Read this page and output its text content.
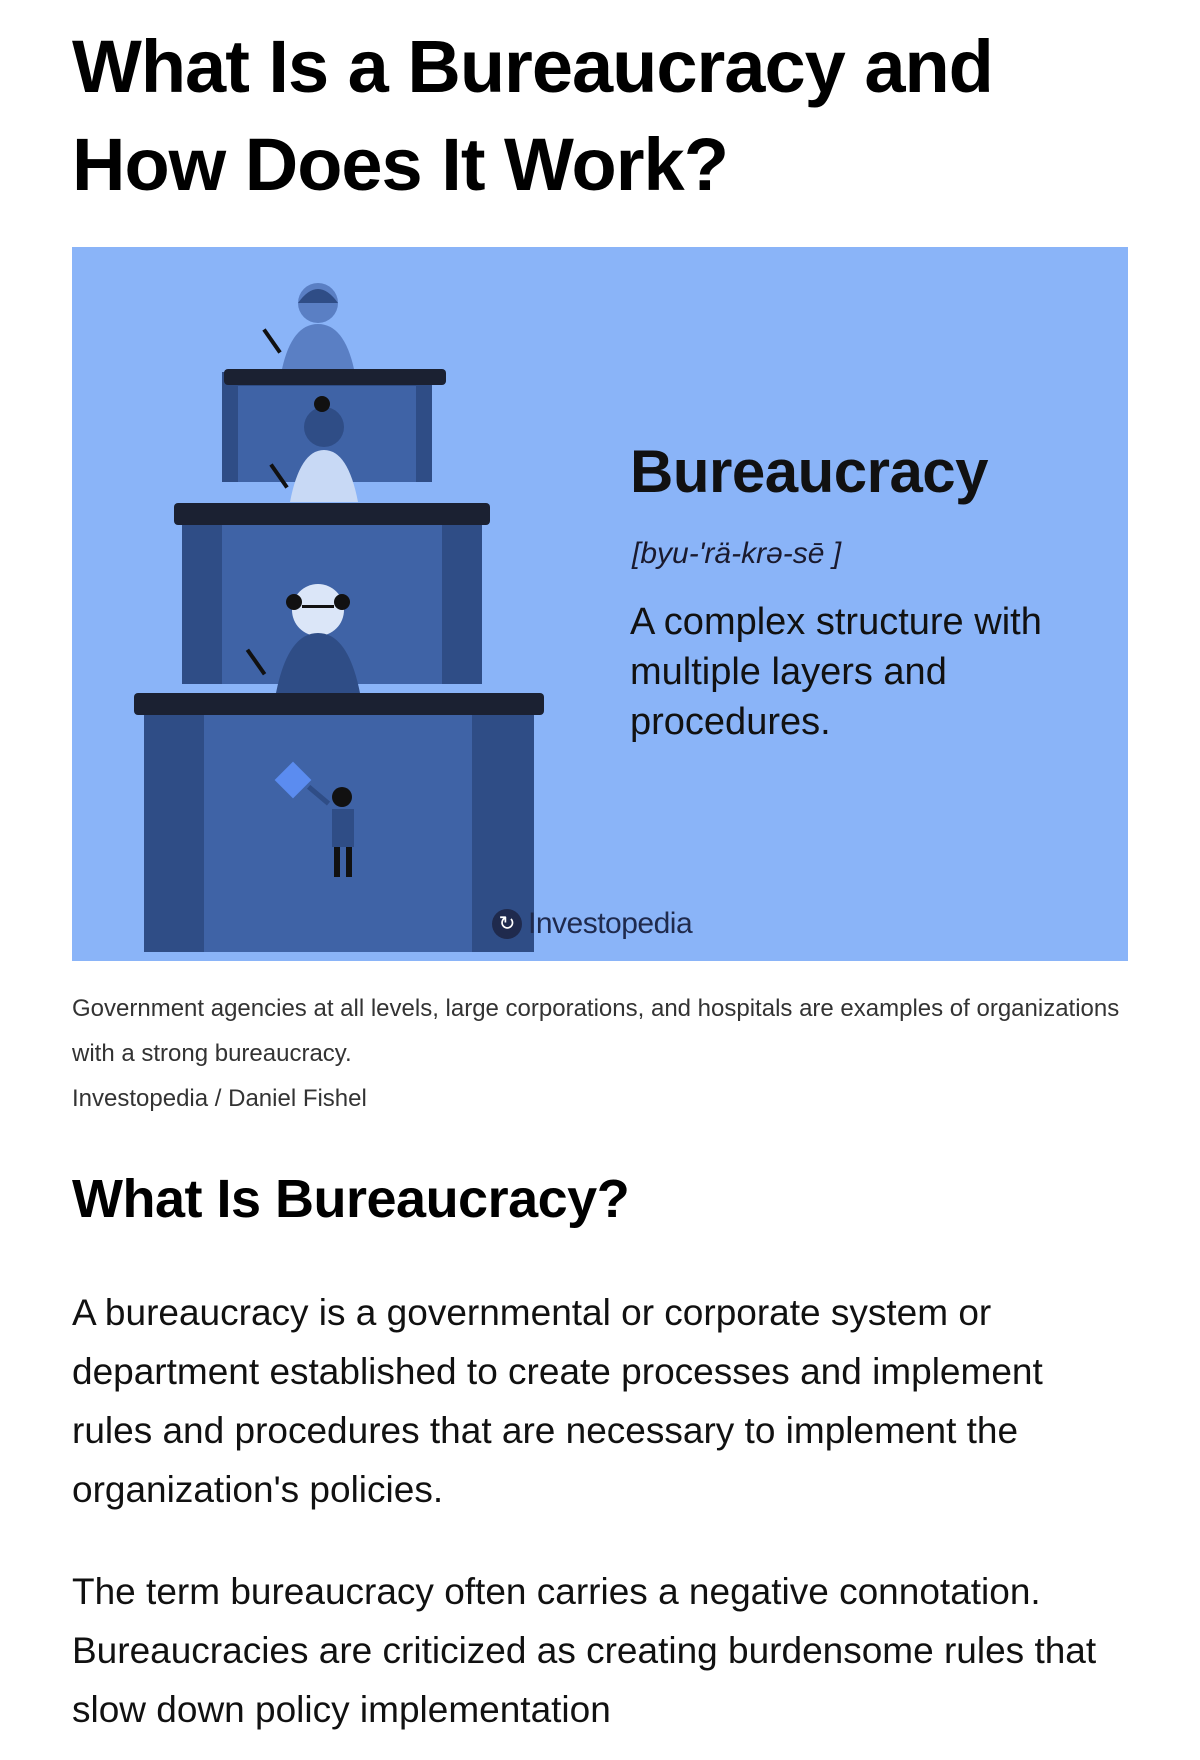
What Is a Bureaucracy and How Does It Work?

Bureaucracy

[byu-'rä-krə-sē ]

A complex structure with multiple layers and procedures.

↻ Investopedia

Government agencies at all levels, large corporations, and hospitals are examples of organizations with a strong bureaucracy.

Investopedia / Daniel Fishel

What Is Bureaucracy?

A bureaucracy is a governmental or corporate system or department established to create processes and implement rules and procedures that are necessary to implement the organization's policies.

The term bureaucracy often carries a negative connotation. Bureaucracies are criticized as creating burdensome rules that slow down policy implementation
